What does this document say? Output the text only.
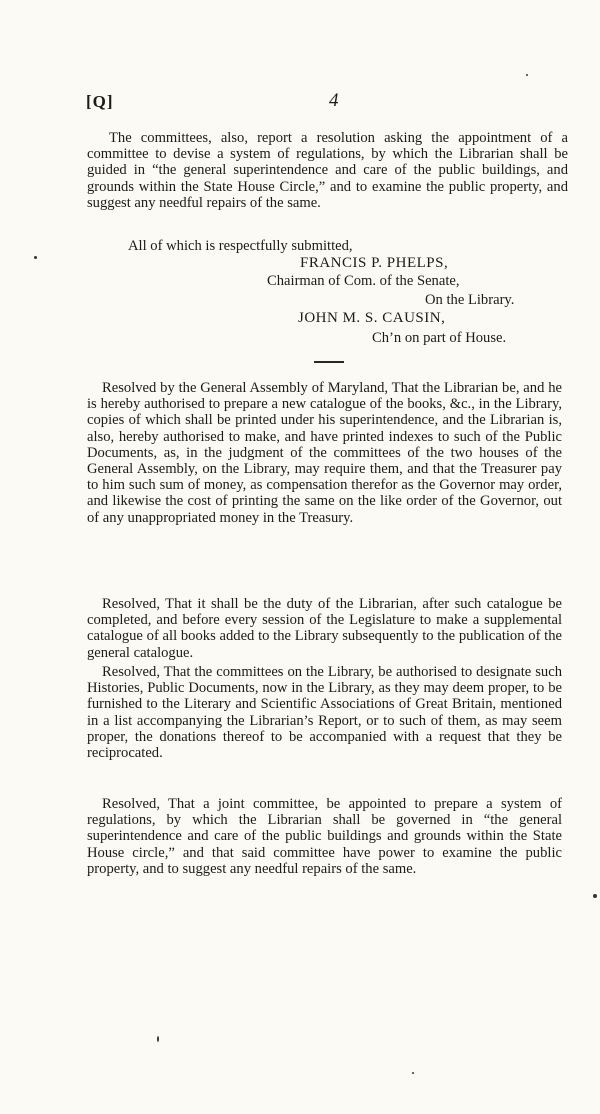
[Q]	4

The committees, also, report a resolution asking the appointment of a committee to devise a system of regulations, by which the Librarian shall be guided in “the general superintendence and care of the public buildings, and grounds within the State House Circle,” and to examine the public property, and suggest any needful repairs of the same.

All of which is respectfully submitted,
FRANCIS P. PHELPS,
Chairman of Com. of the Senate,
On the Library.
JOHN M. S. CAUSIN,
Ch’n on part of House.

Resolved by the General Assembly of Maryland, That the Librarian be, and he is hereby authorised to prepare a new catalogue of the books, &c., in the Library, copies of which shall be printed under his superintendence, and the Librarian is, also, hereby authorised to make, and have printed indexes to such of the Public Documents, as, in the judgment of the committees of the two houses of the General Assembly, on the Library, may require them, and that the Treasurer pay to him such sum of money, as compensation therefor as the Governor may order, and likewise the cost of printing the same on the like order of the Governor, out of any unappropriated money in the Treasury.

Resolved, That it shall be the duty of the Librarian, after such catalogue be completed, and before every session of the Legislature to make a supplemental catalogue of all books added to the Library subsequently to the publication of the general catalogue.

Resolved, That the committees on the Library, be authorised to designate such Histories, Public Documents, now in the Library, as they may deem proper, to be furnished to the Literary and Scientific Associations of Great Britain, mentioned in a list accompanying the Librarian’s Report, or to such of them, as may seem proper, the donations thereof to be accompanied with a request that they be reciprocated.

Resolved, That a joint committee, be appointed to prepare a system of regulations, by which the Librarian shall be governed in “the general superintendence and care of the public buildings and grounds within the State House circle,” and that said committee have power to examine the public property, and to suggest any needful repairs of the same.
